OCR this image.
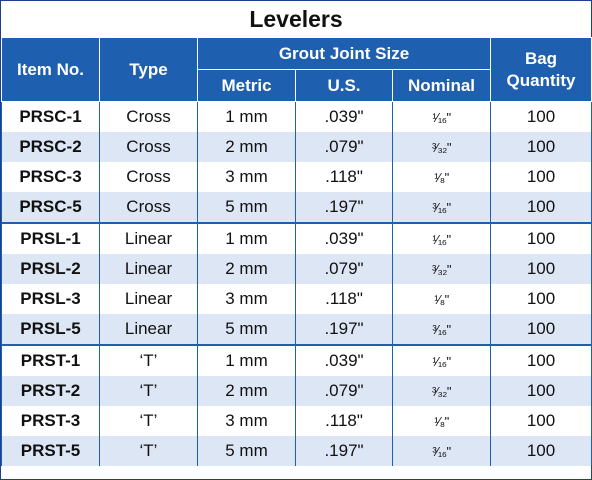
Levelers
Item No.	Type	Grout Joint Size			Bag
Quantity
		Metric	U.S.	Nominal	
PRSC-1	Cross	1 mm	.039"	¹⁄₁₆"	100
PRSC-2	Cross	2 mm	.079"	³⁄₃₂"	100
PRSC-3	Cross	3 mm	.118"	¹⁄₈"	100
PRSC-5	Cross	5 mm	.197"	³⁄₁₆"	100
PRSL-1	Linear	1 mm	.039"	¹⁄₁₆"	100
PRSL-2	Linear	2 mm	.079"	³⁄₃₂"	100
PRSL-3	Linear	3 mm	.118"	¹⁄₈"	100
PRSL-5	Linear	5 mm	.197"	³⁄₁₆"	100
PRST-1	‘T’	1 mm	.039"	¹⁄₁₆"	100
PRST-2	‘T’	2 mm	.079"	³⁄₃₂"	100
PRST-3	‘T’	3 mm	.118"	¹⁄₈"	100
PRST-5	‘T’	5 mm	.197"	³⁄₁₆"	100
